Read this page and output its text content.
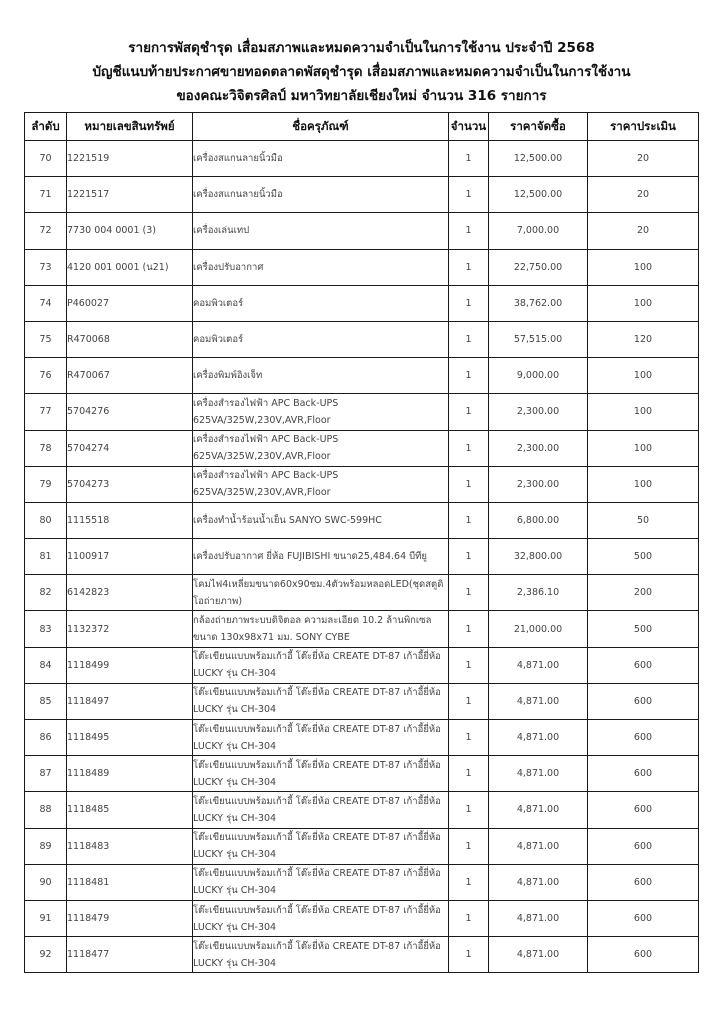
รายการพัสดุชำรุด เสื่อมสภาพและหมดความจำเป็นในการใช้งาน ประจำปี 2568
บัญชีแนบท้ายประกาศขายทอดตลาดพัสดุชำรุด เสื่อมสภาพและหมดความจำเป็นในการใช้งาน
ของคณะวิจิตรศิลป์ มหาวิทยาลัยเชียงใหม่ จำนวน 316 รายการ
ลำดับ	หมายเลขสินทรัพย์	ชื่อครุภัณฑ์	จำนวน	ราคาจัดซื้อ	ราคาประเมิน
70	1221519	เครื่องสแกนลายนิ้วมือ	1	12,500.00	20
71	1221517	เครื่องสแกนลายนิ้วมือ	1	12,500.00	20
72	7730 004 0001 (3)	เครื่องเล่นเทป	1	7,000.00	20
73	4120 001 0001 (น21)	เครื่องปรับอากาศ	1	22,750.00	100
74	P460027	คอมพิวเตอร์	1	38,762.00	100
75	R470068	คอมพิวเตอร์	1	57,515.00	120
76	R470067	เครื่องพิมพ์อิงเจ็ท	1	9,000.00	100
77	5704276	เครื่องสำรองไฟฟ้า APC Back-UPS 625VA/325W,230V,AVR,Floor	1	2,300.00	100
78	5704274	เครื่องสำรองไฟฟ้า APC Back-UPS 625VA/325W,230V,AVR,Floor	1	2,300.00	100
79	5704273	เครื่องสำรองไฟฟ้า APC Back-UPS 625VA/325W,230V,AVR,Floor	1	2,300.00	100
80	1115518	เครื่องทำน้ำร้อนน้ำเย็น SANYO SWC-599HC	1	6,800.00	50
81	1100917	เครื่องปรับอากาศ ยี่ห้อ FUJIBISHI ขนาด25,484.64 บีทียู	1	32,800.00	500
82	6142823	โคมไฟ4เหลี่ยมขนาด60x90ซม.4ตัวพร้อมหลอดLED(ชุดสตูดิโอถ่ายภาพ)	1	2,386.10	200
83	1132372	กล้องถ่ายภาพระบบดิจิตอล ความละเอียด 10.2 ล้านพิกเซล ขนาด 130x98x71 มม. SONY CYBE	1	21,000.00	500
84	1118499	โต๊ะเขียนแบบพร้อมเก้าอี้ โต๊ะยี่ห้อ CREATE DT-87 เก้าอี้ยี่ห้อ LUCKY รุ่น CH-304	1	4,871.00	600
85	1118497	โต๊ะเขียนแบบพร้อมเก้าอี้ โต๊ะยี่ห้อ CREATE DT-87 เก้าอี้ยี่ห้อ LUCKY รุ่น CH-304	1	4,871.00	600
86	1118495	โต๊ะเขียนแบบพร้อมเก้าอี้ โต๊ะยี่ห้อ CREATE DT-87 เก้าอี้ยี่ห้อ LUCKY รุ่น CH-304	1	4,871.00	600
87	1118489	โต๊ะเขียนแบบพร้อมเก้าอี้ โต๊ะยี่ห้อ CREATE DT-87 เก้าอี้ยี่ห้อ LUCKY รุ่น CH-304	1	4,871.00	600
88	1118485	โต๊ะเขียนแบบพร้อมเก้าอี้ โต๊ะยี่ห้อ CREATE DT-87 เก้าอี้ยี่ห้อ LUCKY รุ่น CH-304	1	4,871.00	600
89	1118483	โต๊ะเขียนแบบพร้อมเก้าอี้ โต๊ะยี่ห้อ CREATE DT-87 เก้าอี้ยี่ห้อ LUCKY รุ่น CH-304	1	4,871.00	600
90	1118481	โต๊ะเขียนแบบพร้อมเก้าอี้ โต๊ะยี่ห้อ CREATE DT-87 เก้าอี้ยี่ห้อ LUCKY รุ่น CH-304	1	4,871.00	600
91	1118479	โต๊ะเขียนแบบพร้อมเก้าอี้ โต๊ะยี่ห้อ CREATE DT-87 เก้าอี้ยี่ห้อ LUCKY รุ่น CH-304	1	4,871.00	600
92	1118477	โต๊ะเขียนแบบพร้อมเก้าอี้ โต๊ะยี่ห้อ CREATE DT-87 เก้าอี้ยี่ห้อ LUCKY รุ่น CH-304	1	4,871.00	600
